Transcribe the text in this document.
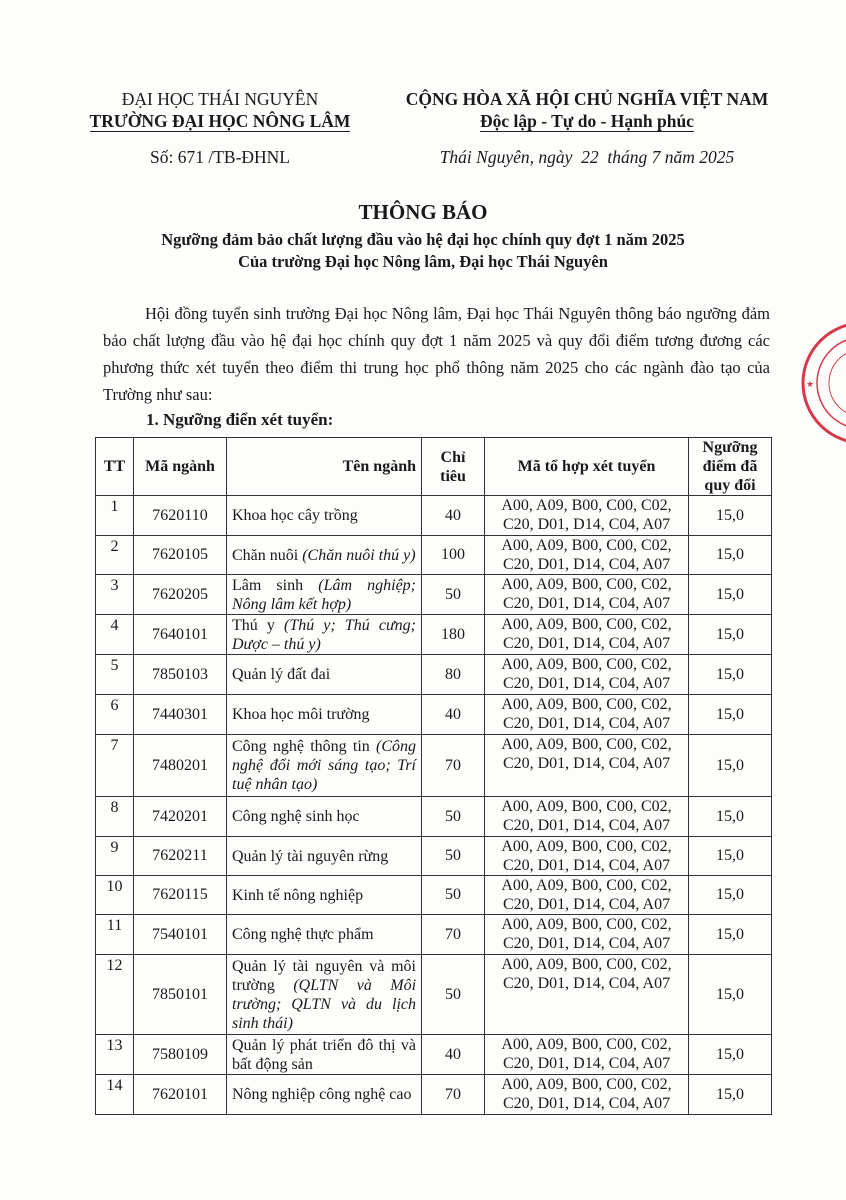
ĐẠI HỌC THÁI NGUYÊN
TRƯỜNG ĐẠI HỌC NÔNG LÂM
Số: 671 /TB-ĐHNL
CỘNG HÒA XÃ HỘI CHỦ NGHĨA VIỆT NAM
Độc lập - Tự do - Hạnh phúc
Thái Nguyên, ngày  22  tháng 7 năm 2025
THÔNG BÁO
Ngưỡng đảm bảo chất lượng đầu vào hệ đại học chính quy đợt 1 năm 2025
Của trường Đại học Nông lâm, Đại học Thái Nguyên
Hội đồng tuyển sinh trường Đại học Nông lâm, Đại học Thái Nguyên thông báo ngưỡng đảm bảo chất lượng đầu vào hệ đại học chính quy đợt 1 năm 2025 và quy đổi điểm tương đương các phương thức xét tuyển theo điểm thi trung học phổ thông năm 2025 cho các ngành đào tạo của Trường như sau:
1. Ngưỡng điển xét tuyển:
★
TT	Mã ngành	Tên ngành	Chỉ tiêu	Mã tổ hợp xét tuyển	Ngưỡng điểm đã quy đổi
1	7620110	Khoa học cây trồng	40	A00, A09, B00, C00, C02,
C20, D01, D14, C04, A07	15,0
2	7620105	Chăn nuôi (Chăn nuôi thú y)	100	A00, A09, B00, C00, C02,
C20, D01, D14, C04, A07	15,0
3	7620205	Lâm sinh (Lâm nghiệp; Nông lâm kết hợp)	50	A00, A09, B00, C00, C02,
C20, D01, D14, C04, A07	15,0
4	7640101	Thú y (Thú y; Thú cưng; Dược – thú y)	180	A00, A09, B00, C00, C02,
C20, D01, D14, C04, A07	15,0
5	7850103	Quản lý đất đai	80	A00, A09, B00, C00, C02,
C20, D01, D14, C04, A07	15,0
6	7440301	Khoa học môi trường	40	A00, A09, B00, C00, C02,
C20, D01, D14, C04, A07	15,0
7	7480201	Công nghệ thông tin (Công nghệ đổi mới sáng tạo; Trí tuệ nhân tạo)	70	A00, A09, B00, C00, C02,
C20, D01, D14, C04, A07	15,0
8	7420201	Công nghệ sinh học	50	A00, A09, B00, C00, C02,
C20, D01, D14, C04, A07	15,0
9	7620211	Quản lý tài nguyên rừng	50	A00, A09, B00, C00, C02,
C20, D01, D14, C04, A07	15,0
10	7620115	Kinh tế nông nghiệp	50	A00, A09, B00, C00, C02,
C20, D01, D14, C04, A07	15,0
11	7540101	Công nghệ thực phẩm	70	A00, A09, B00, C00, C02,
C20, D01, D14, C04, A07	15,0
12	7850101	Quản lý tài nguyên và môi trường (QLTN và Môi trường; QLTN và du lịch sinh thái)	50	A00, A09, B00, C00, C02,
C20, D01, D14, C04, A07	15,0
13	7580109	Quản lý phát triển đô thị và bất động sản	40	A00, A09, B00, C00, C02,
C20, D01, D14, C04, A07	15,0
14	7620101	Nông nghiệp công nghệ cao	70	A00, A09, B00, C00, C02,
C20, D01, D14, C04, A07	15,0
